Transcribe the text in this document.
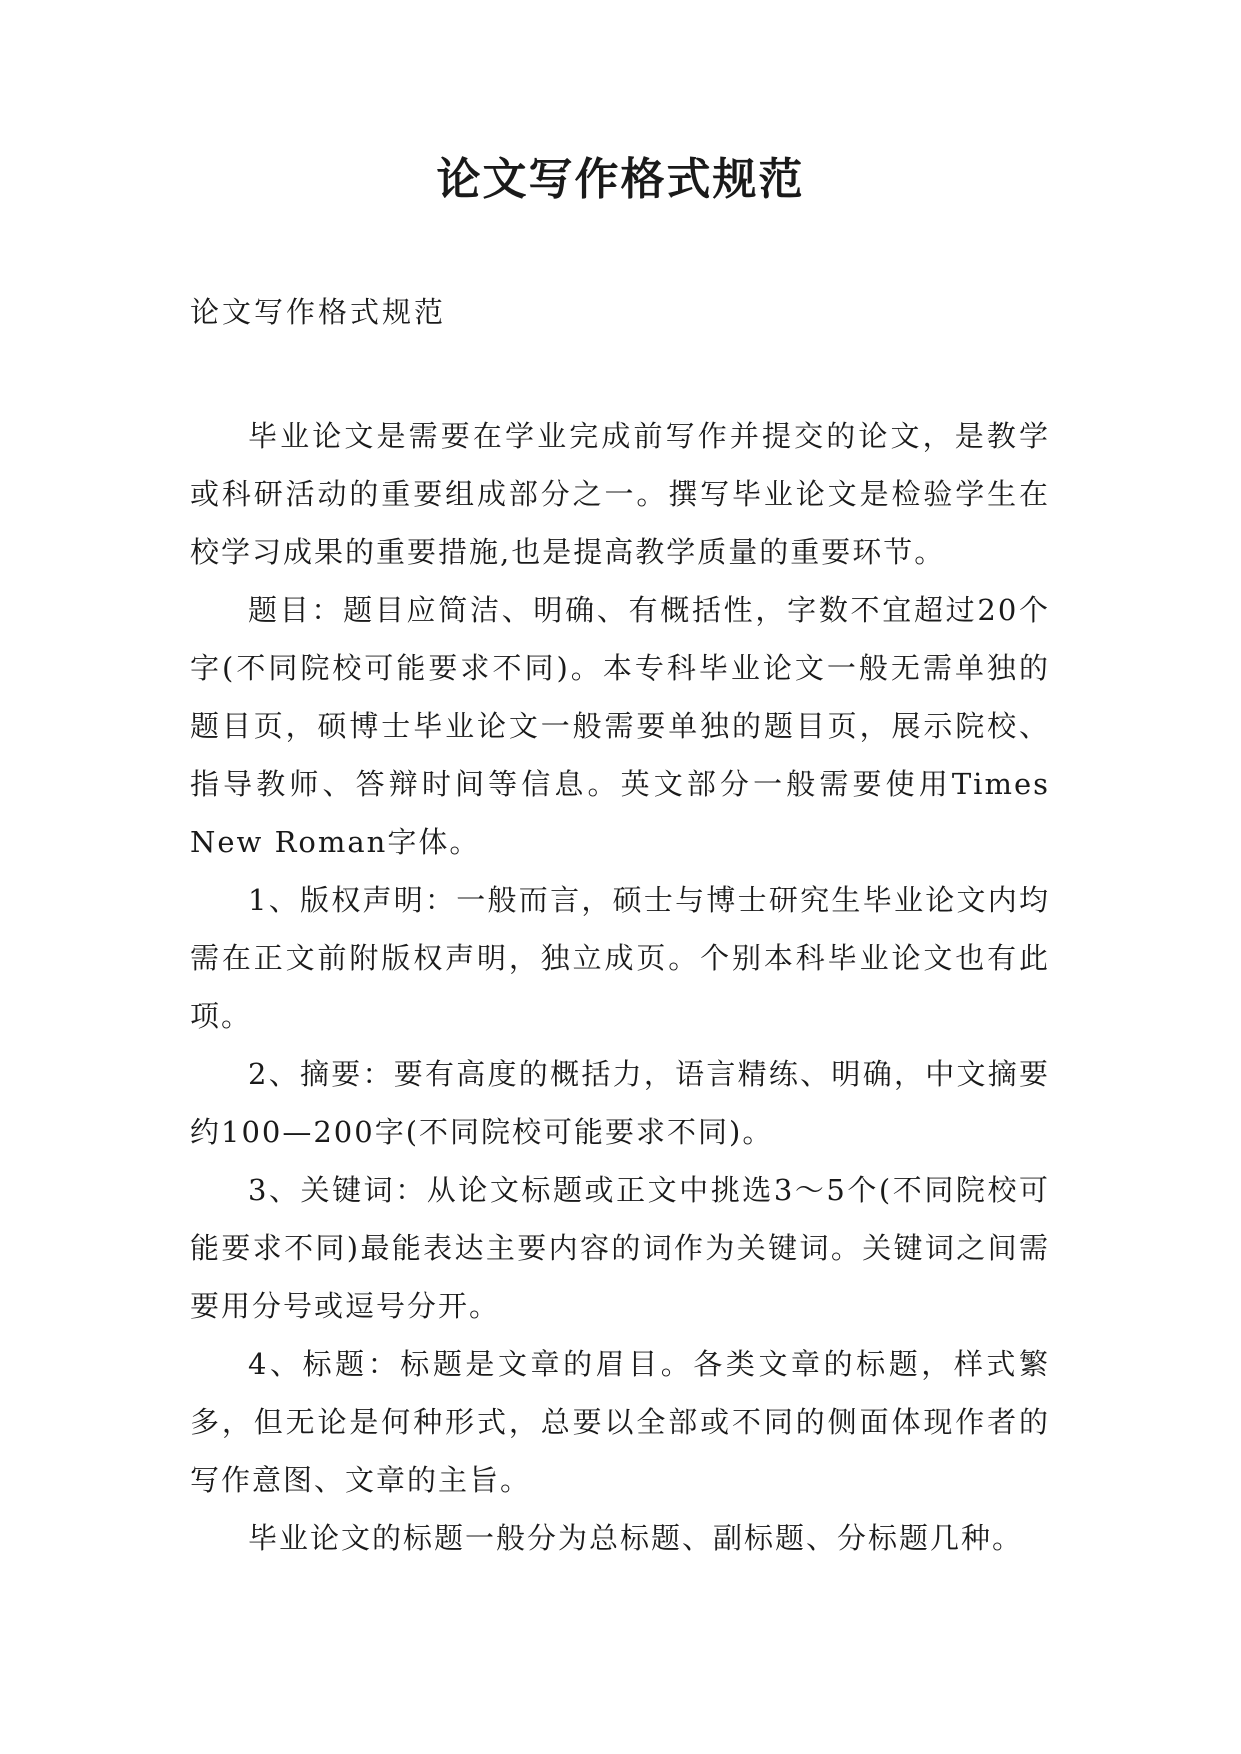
论文写作格式规范

论文写作格式规范

毕业论文是需要在学业完成前写作并提交的论文，是教学或科研活动的重要组成部分之一。撰写毕业论文是检验学生在校学习成果的重要措施,也是提高教学质量的重要环节。

题目：题目应简洁、明确、有概括性，字数不宜超过20个字(不同院校可能要求不同)。本专科毕业论文一般无需单独的题目页，硕博士毕业论文一般需要单独的题目页，展示院校、指导教师、答辩时间等信息。英文部分一般需要使用Times New Roman字体。

1、版权声明：一般而言，硕士与博士研究生毕业论文内均需在正文前附版权声明，独立成页。个别本科毕业论文也有此项。

2、摘要：要有高度的概括力，语言精练、明确，中文摘要约100—200字(不同院校可能要求不同)。

3、关键词：从论文标题或正文中挑选3～5个(不同院校可能要求不同)最能表达主要内容的词作为关键词。关键词之间需要用分号或逗号分开。

4、标题：标题是文章的眉目。各类文章的标题，样式繁多，但无论是何种形式，总要以全部或不同的侧面体现作者的写作意图、文章的主旨。

毕业论文的标题一般分为总标题、副标题、分标题几种。
